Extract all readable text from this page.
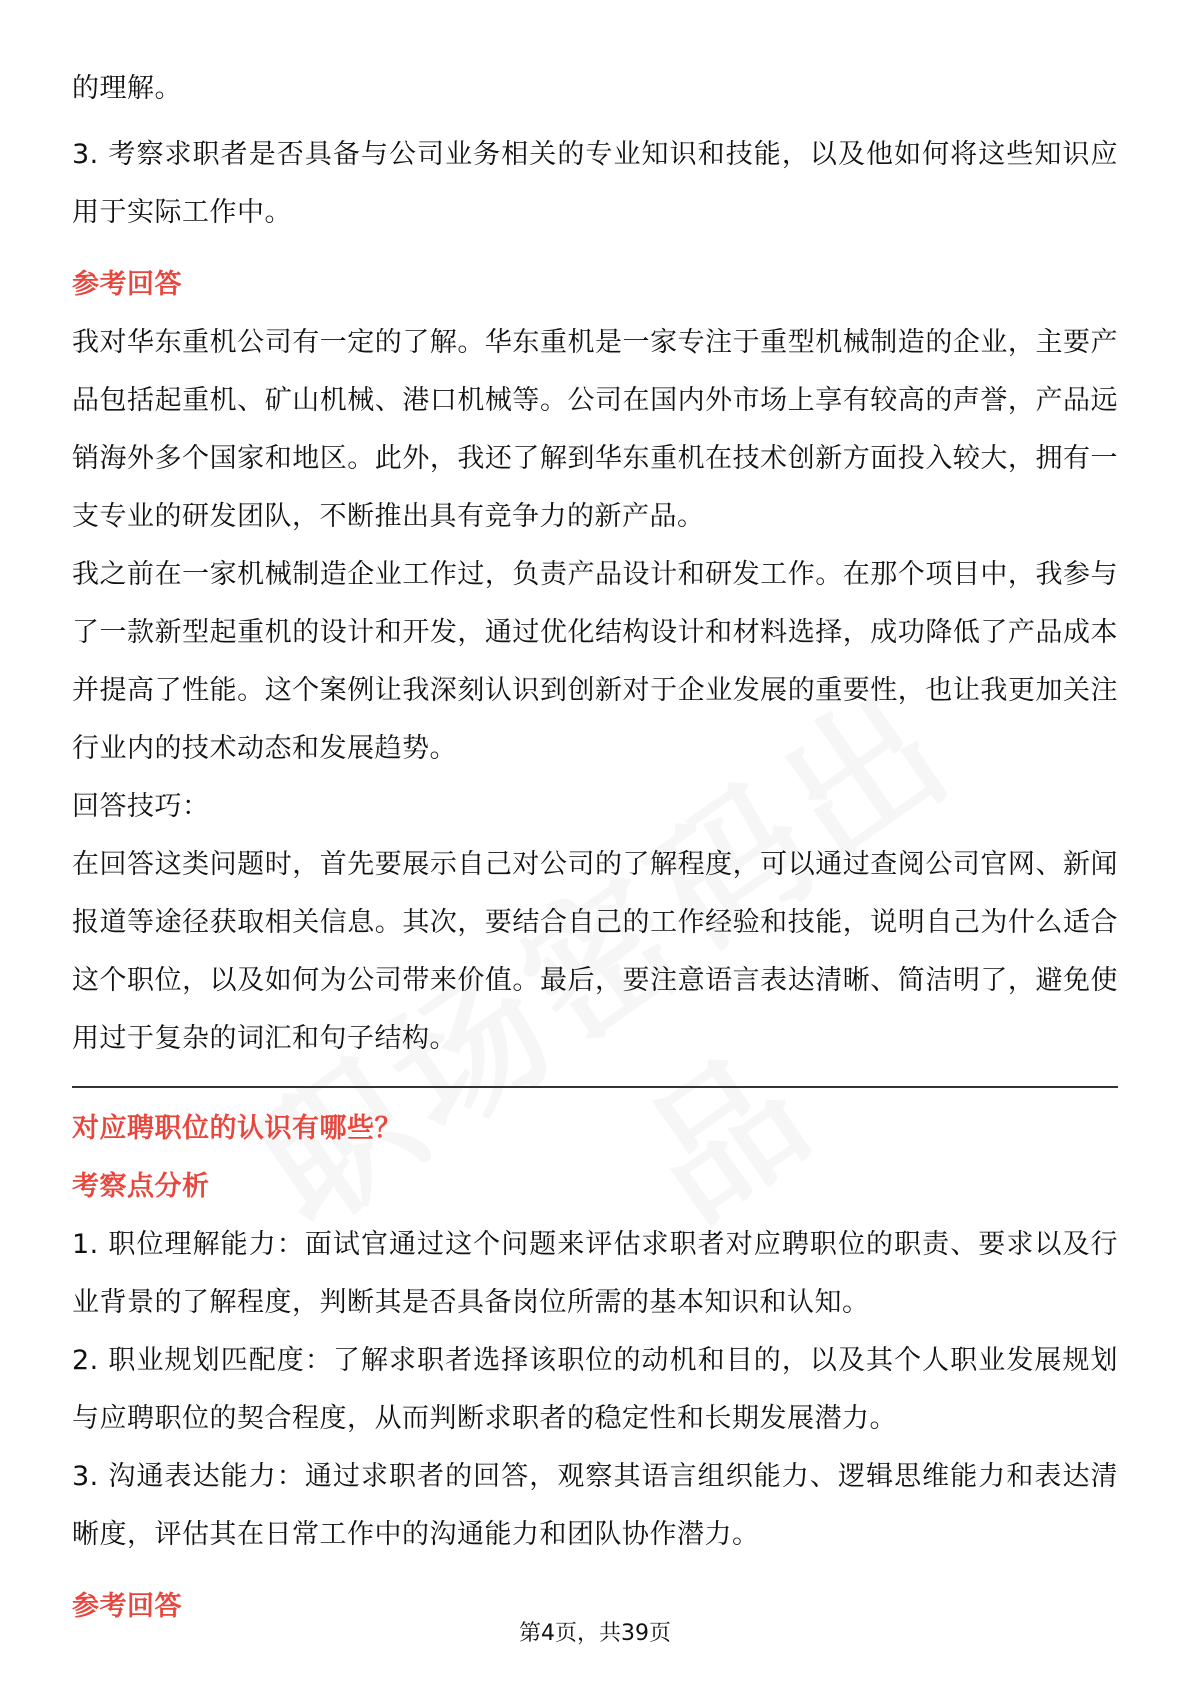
的理解。

3. 考察求职者是否具备与公司业务相关的专业知识和技能，以及他如何将这些知识应用于实际工作中。

参考回答

我对华东重机公司有一定的了解。华东重机是一家专注于重型机械制造的企业，主要产品包括起重机、矿山机械、港口机械等。公司在国内外市场上享有较高的声誉，产品远销海外多个国家和地区。此外，我还了解到华东重机在技术创新方面投入较大，拥有一支专业的研发团队，不断推出具有竞争力的新产品。

我之前在一家机械制造企业工作过，负责产品设计和研发工作。在那个项目中，我参与了一款新型起重机的设计和开发，通过优化结构设计和材料选择，成功降低了产品成本并提高了性能。这个案例让我深刻认识到创新对于企业发展的重要性，也让我更加关注行业内的技术动态和发展趋势。

回答技巧：

在回答这类问题时，首先要展示自己对公司的了解程度，可以通过查阅公司官网、新闻报道等途径获取相关信息。其次，要结合自己的工作经验和技能，说明自己为什么适合这个职位，以及如何为公司带来价值。最后，要注意语言表达清晰、简洁明了，避免使用过于复杂的词汇和句子结构。

对应聘职位的认识有哪些？

考察点分析

1. 职位理解能力：面试官通过这个问题来评估求职者对应聘职位的职责、要求以及行业背景的了解程度，判断其是否具备岗位所需的基本知识和认知。

2. 职业规划匹配度：了解求职者选择该职位的动机和目的，以及其个人职业发展规划与应聘职位的契合程度，从而判断求职者的稳定性和长期发展潜力。

3. 沟通表达能力：通过求职者的回答，观察其语言组织能力、逻辑思维能力和表达清晰度，评估其在日常工作中的沟通能力和团队协作潜力。

参考回答

第4页，共39页
